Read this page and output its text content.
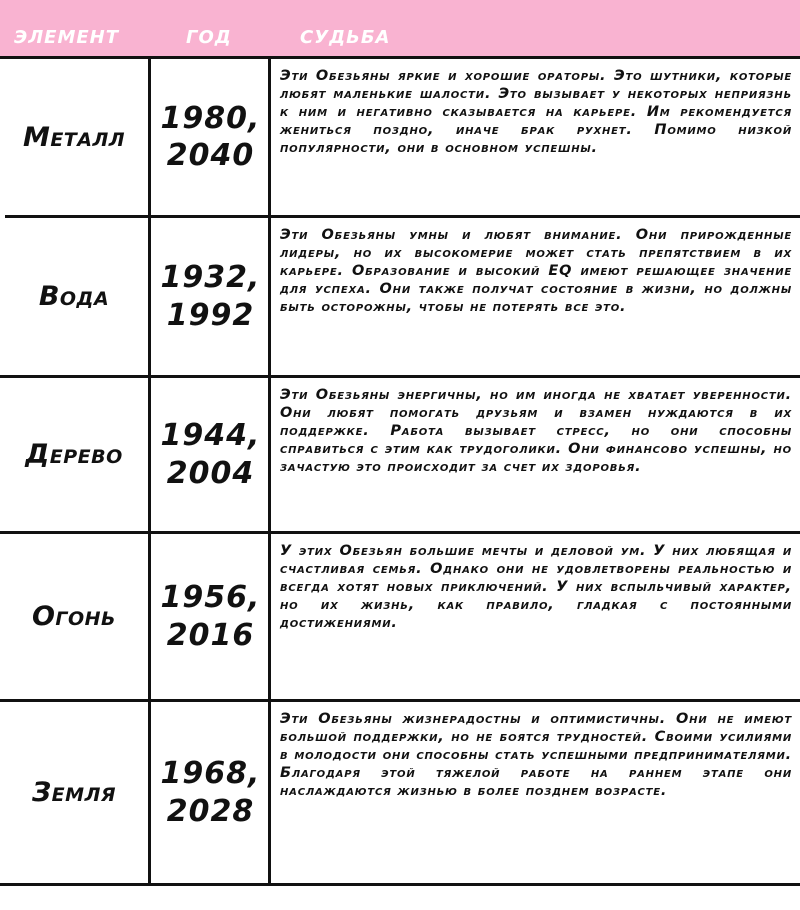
ЭЛЕМЕНТ	ГОД	СУДЬБА
Металл
1980,
2040
Эти Обезьяны яркие и хорошие ораторы. Это шутники, которые любят маленькие шалости. Это вызывает у некоторых неприязнь к ним и негативно сказывается на карьере. Им рекомендуется жениться поздно, иначе брак рухнет. Помимо низкой популярности, они в основном успешны.
Вода
1932,
1992
Эти Обезьяны умны и любят внимание. Они прирожденные лидеры, но их высокомерие может стать препятствием в их карьере. Образование и высокий EQ имеют решающее значение для успеха. Они также получат состояние в жизни, но должны быть осторожны, чтобы не потерять все это.
Дерево
1944,
2004
Эти Обезьяны энергичны, но им иногда не хватает уверенности. Они любят помогать друзьям и взамен нуждаются в их поддержке. Работа вызывает стресс, но они способны справиться с этим как трудоголики. Они финансово успешны, но зачастую это происходит за счет их здоровья.
Огонь
1956,
2016
У этих Обезьян большие мечты и деловой ум. У них любящая и счастливая семья. Однако они не удовлетворены реальностью и всегда хотят новых приключений. У них вспыльчивый характер, но их жизнь, как правило, гладкая с постоянными достижениями.
Земля
1968,
2028
Эти Обезьяны жизнерадостны и оптимистичны. Они не имеют большой поддержки, но не боятся трудностей. Своими усилиями в молодости они способны стать успешными предпринимателями. Благодаря этой тяжелой работе на раннем этапе они наслаждаются жизнью в более позднем возрасте.
